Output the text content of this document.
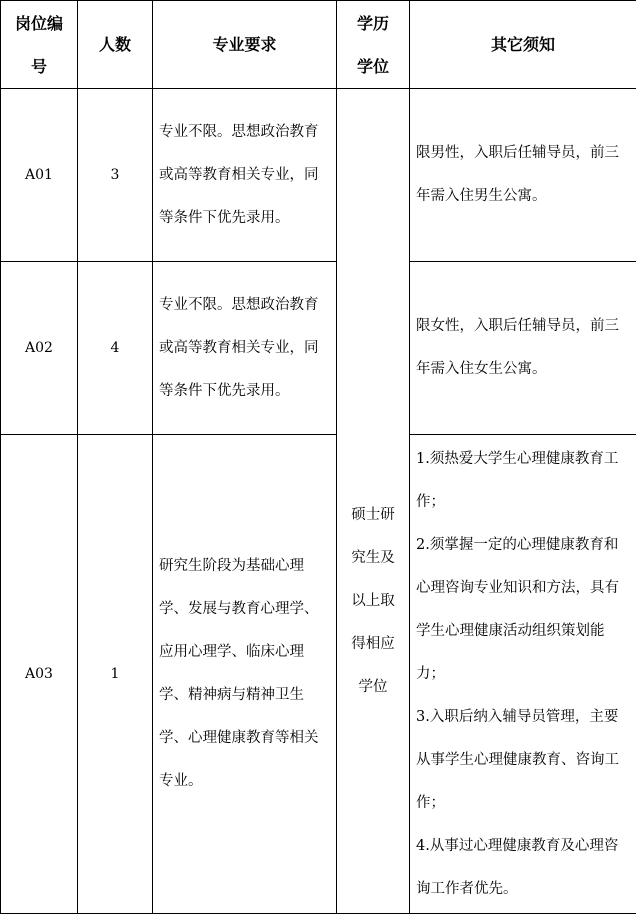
岗位编号	人数	专业要求	学历学位	其它须知
A01	3	专业不限。思想政治教育或高等教育相关专业，同等条件下优先录用。	硕士研究生及以上取得相应学位	限男性，入职后任辅导员，前三年需入住男生公寓。
A02	4	专业不限。思想政治教育或高等教育相关专业，同等条件下优先录用。		限女性，入职后任辅导员，前三年需入住女生公寓。
A03	1	研究生阶段为基础心理学、发展与教育心理学、应用心理学、临床心理学、精神病与精神卫生学、心理健康教育等相关专业。		1.须热爱大学生心理健康教育工作；
2.须掌握一定的心理健康教育和心理咨询专业知识和方法，具有学生心理健康活动组织策划能力；
3.入职后纳入辅导员管理，主要从事学生心理健康教育、咨询工作；
4.从事过心理健康教育及心理咨询工作者优先。
